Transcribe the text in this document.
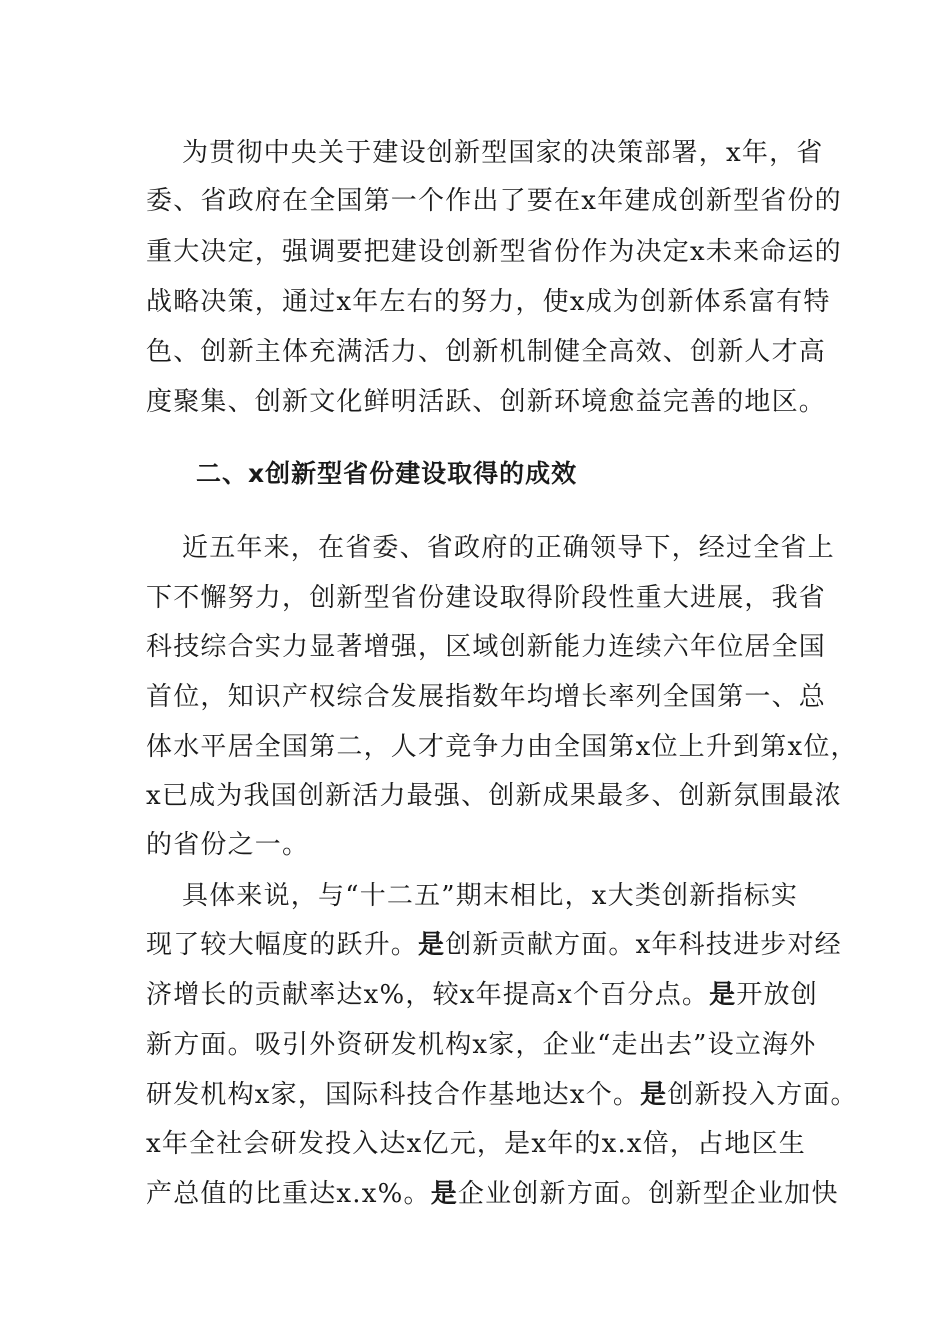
为贯彻中央关于建设创新型国家的决策部署，x年，省
委、省政府在全国第一个作出了要在x年建成创新型省份的
重大决定，强调要把建设创新型省份作为决定x未来命运的
战略决策，通过x年左右的努力，使x成为创新体系富有特
色、创新主体充满活力、创新机制健全高效、创新人才高
度聚集、创新文化鲜明活跃、创新环境愈益完善的地区。
二、x创新型省份建设取得的成效
近五年来，在省委、省政府的正确领导下，经过全省上
下不懈努力，创新型省份建设取得阶段性重大进展，我省
科技综合实力显著增强，区域创新能力连续六年位居全国
首位，知识产权综合发展指数年均增长率列全国第一、总
体水平居全国第二，人才竞争力由全国第x位上升到第x位，
x已成为我国创新活力最强、创新成果最多、创新氛围最浓
的省份之一。
具体来说，与“十二五”期末相比，x大类创新指标实
现了较大幅度的跃升。是创新贡献方面。x年科技进步对经
济增长的贡献率达x%，较x年提高x个百分点。是开放创
新方面。吸引外资研发机构x家，企业“走出去”设立海外
研发机构x家，国际科技合作基地达x个。是创新投入方面。
x年全社会研发投入达x亿元，是x年的x.x倍，占地区生
产总值的比重达x.x%。是企业创新方面。创新型企业加快
